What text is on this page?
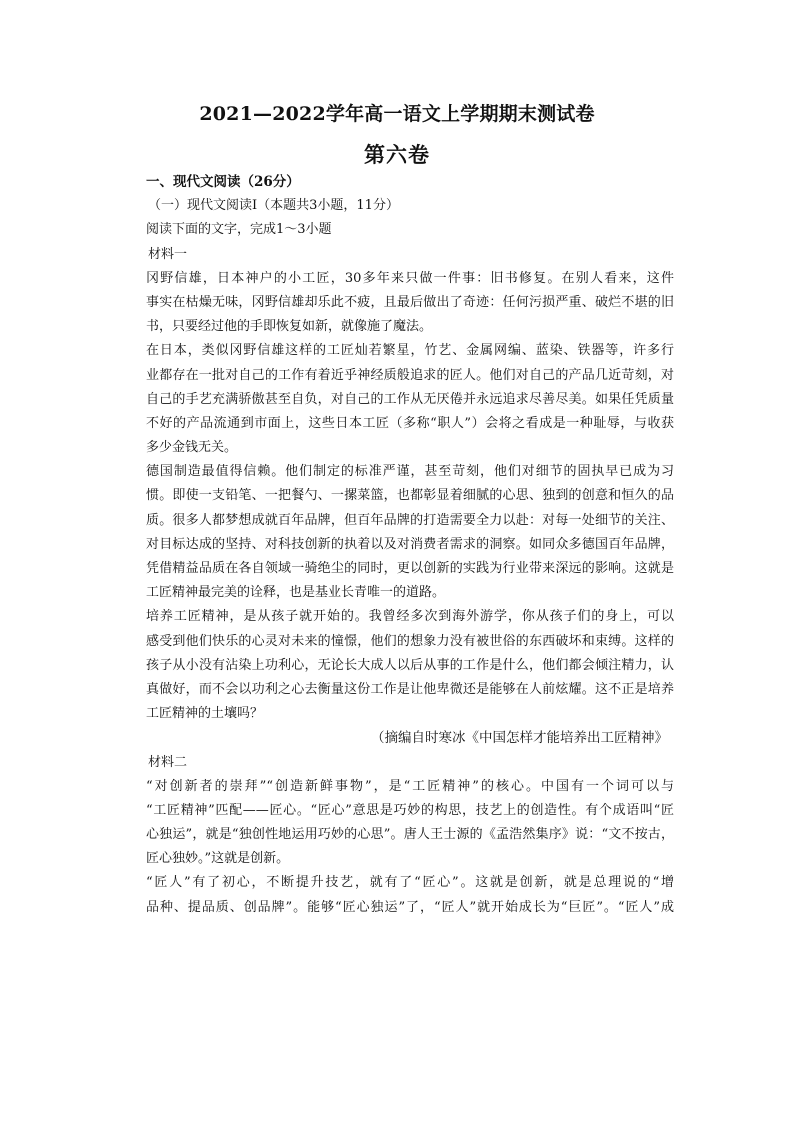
2021—2022学年高一语文上学期期末测试卷
第六卷
一、现代文阅读（26分）
（一）现代文阅读Ⅰ（本题共3小题，11分）
阅读下面的文字，完成1～3小题
材料一
冈野信雄，日本神户的小工匠，30多年来只做一件事：旧书修复。在别人看来，这件
事实在枯燥无味，冈野信雄却乐此不疲，且最后做出了奇迹：任何污损严重、破烂不堪的旧
书，只要经过他的手即恢复如新，就像施了魔法。
在日本，类似冈野信雄这样的工匠灿若繁星，竹艺、金属网编、蓝染、铁器等，许多行
业都存在一批对自己的工作有着近乎神经质般追求的匠人。他们对自己的产品几近苛刻，对
自己的手艺充满骄傲甚至自负，对自己的工作从无厌倦并永远追求尽善尽美。如果任凭质量
不好的产品流通到市面上，这些日本工匠（多称“职人”）会将之看成是一种耻辱，与收获
多少金钱无关。
德国制造最值得信赖。他们制定的标准严谨，甚至苛刻，他们对细节的固执早已成为习
惯。即使一支铅笔、一把餐勺、一摞菜篮，也都彰显着细腻的心思、独到的创意和恒久的品
质。很多人都梦想成就百年品牌，但百年品牌的打造需要全力以赴：对每一处细节的关注、
对目标达成的坚持、对科技创新的执着以及对消费者需求的洞察。如同众多德国百年品牌，
凭借精益品质在各自领域一骑绝尘的同时，更以创新的实践为行业带来深远的影响。这就是
工匠精神最完美的诠释，也是基业长青唯一的道路。
培养工匠精神，是从孩子就开始的。我曾经多次到海外游学，你从孩子们的身上，可以
感受到他们快乐的心灵对未来的憧憬，他们的想象力没有被世俗的东西破坏和束缚。这样的
孩子从小没有沾染上功利心，无论长大成人以后从事的工作是什么，他们都会倾注精力，认
真做好，而不会以功利之心去衡量这份工作是让他卑微还是能够在人前炫耀。这不正是培养
工匠精神的土壤吗？
（摘编自时寒冰《中国怎样才能培养出工匠精神》
材料二
“对创新者的崇拜”“创造新鲜事物”，是“工匠精神”的核心。中国有一个词可以与
“工匠精神”匹配——匠心。“匠心”意思是巧妙的构思，技艺上的创造性。有个成语叫“匠
心独运”，就是“独创性地运用巧妙的心思”。唐人王士源的《孟浩然集序》说：“文不按古，
匠心独妙。”这就是创新。
“匠人”有了初心，不断提升技艺，就有了“匠心”。这就是创新，就是总理说的“增
品种、提品质、创品牌”。能够“匠心独运”了，“匠人”就开始成长为“巨匠”。“匠人”成
